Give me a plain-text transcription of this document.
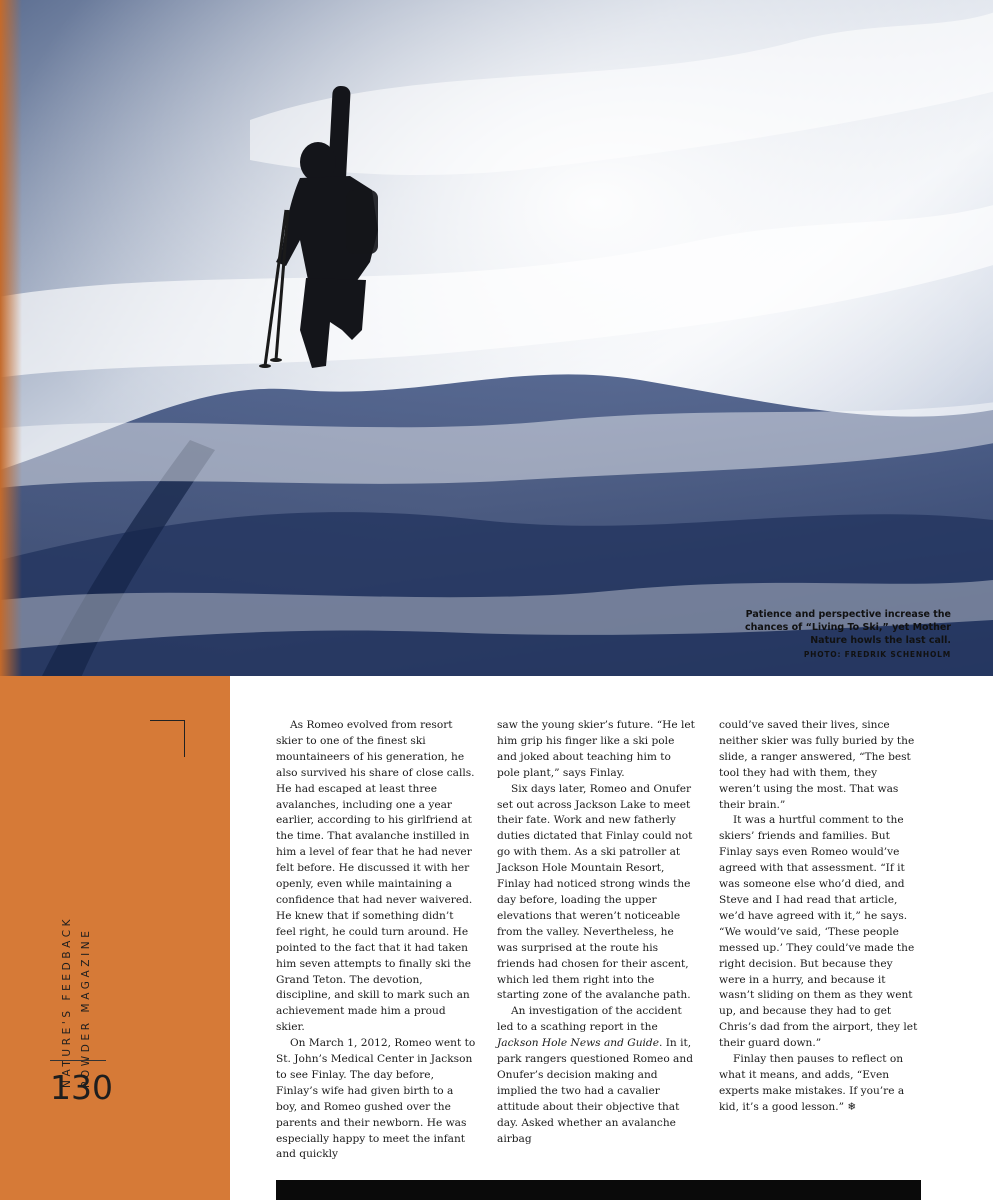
Patience and perspective increase the
chances of “Living To Ski,” yet Mother
Nature howls the last call.
PHOTO: FREDRIK SCHENHOLM
NATURE'S FEEDBACK POWDER MAGAZINE
130

As Romeo evolved from resort skier to one of the finest ski mountaineers of his generation, he also survived his share of close calls. He had escaped at least three avalanches, including one a year earlier, according to his girlfriend at the time. That avalanche instilled in him a level of fear that he had never felt before. He discussed it with her openly, even while maintaining a confidence that had never waivered. He knew that if something didn’t feel right, he could turn around. He pointed to the fact that it had taken him seven attempts to finally ski the Grand Teton. The devotion, discipline, and skill to mark such an achievement made him a proud skier.

On March 1, 2012, Romeo went to St. John’s Medical Center in Jackson to see Finlay. The day before, Finlay’s wife had given birth to a boy, and Romeo gushed over the parents and their newborn. He was especially happy to meet the infant and quickly

saw the young skier’s future. “He let him grip his finger like a ski pole and joked about teaching him to pole plant,” says Finlay.

Six days later, Romeo and Onufer set out across Jackson Lake to meet their fate. Work and new fatherly duties dictated that Finlay could not go with them. As a ski patroller at Jackson Hole Mountain Resort, Finlay had noticed strong winds the day before, loading the upper elevations that weren’t noticeable from the valley. Nevertheless, he was surprised at the route his friends had chosen for their ascent, which led them right into the starting zone of the avalanche path.

An investigation of the accident led to a scathing report in the Jackson Hole News and Guide. In it, park rangers questioned Romeo and Onufer’s decision making and implied the two had a cavalier attitude about their objective that day. Asked whether an avalanche airbag

could’ve saved their lives, since neither skier was fully buried by the slide, a ranger answered, “The best tool they had with them, they weren’t using the most. That was their brain.”

It was a hurtful comment to the skiers’ friends and families. But Finlay says even Romeo would’ve agreed with that assessment. “If it was someone else who’d died, and Steve and I had read that article, we’d have agreed with it,” he says. “We would’ve said, ‘These people messed up.’ They could’ve made the right decision. But because they were in a hurry, and because it wasn’t sliding on them as they went up, and because they had to get Chris’s dad from the airport, they let their guard down.”

Finlay then pauses to reflect on what it means, and adds, “Even experts make mistakes. If you’re a kid, it’s a good lesson.” ❄
